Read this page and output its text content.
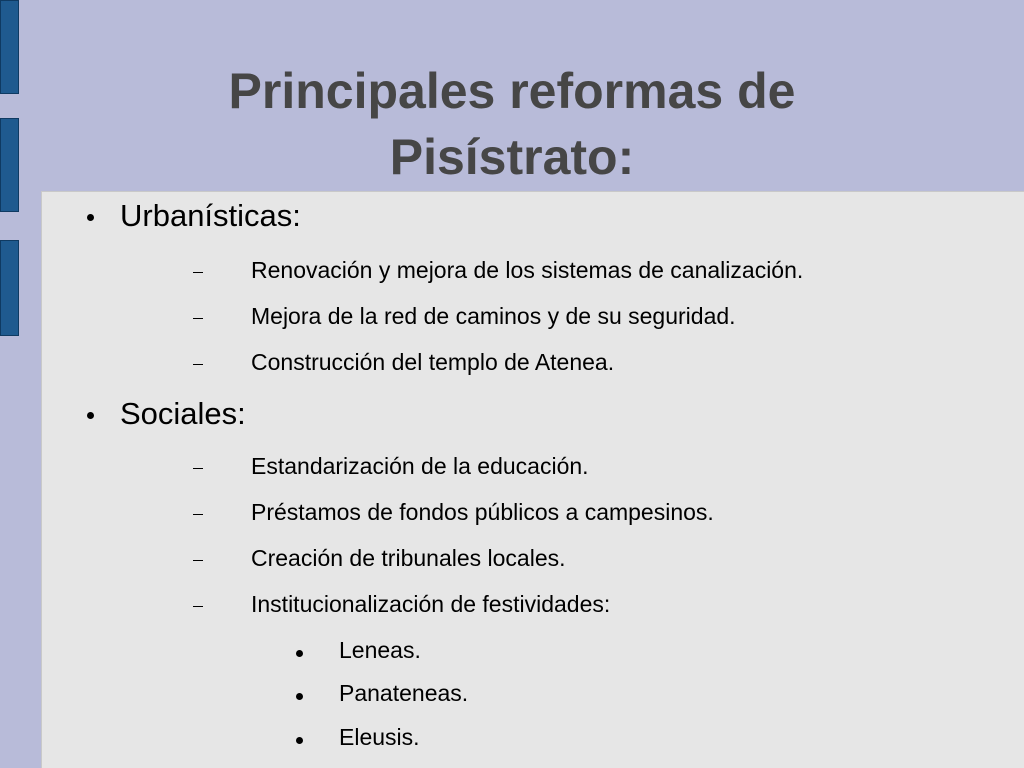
Principales reformas de
Pisístrato:
Urbanísticas:
Renovación y mejora de los sistemas de canalización.
Mejora de la red de caminos y de su seguridad.
Construcción del templo de Atenea.
Sociales:
Estandarización de la educación.
Préstamos de fondos públicos a campesinos.
Creación de tribunales locales.
Institucionalización de festividades:
Leneas.
Panateneas.
Eleusis.
